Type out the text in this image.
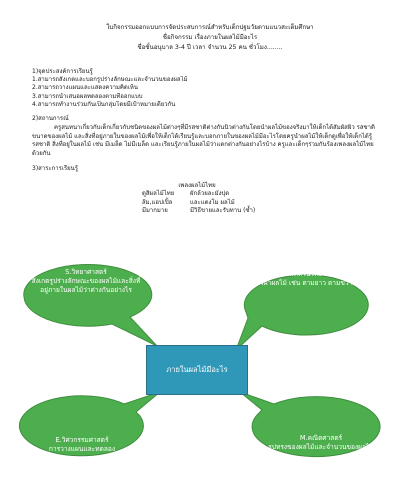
ใบกิจกรรมออกแบบการจัดประสบการณ์สำหรับเด็กปฐมวัยตามแนวสะเต็มศึกษา
ชื่อกิจกรรม เรื่องภายในผลไม้มีอะไร
ชื่อชั้นอนุบาล 3-4 ปี เวลา จำนวน 25 คน ชั่วโมง........
1)จุดประสงค์การเรียนรู้
1.สามารถสังเกตและบอกรูปร่างลักษณะและจำนวนของผลไม้
2.สามารถวางแผนและแสดงความคิดเห็น
3.สามารถนำเสนอผลทดลองตามที่ออกแบบ
4.สามารถทำงานร่วมกันเป็นกลุ่มโดยมีเป้าหมายเดียวกัน
2)สถานการณ์
ครูสนทนาเกี่ยวกับเด็กเกี่ยวกับชนิดของผลไม้ต่างๆที่มีรสชาติต่างกันนิวต่างกันโดยนำผลไม้ของจริงมาให้เด็กได้สัมผัสผิว รสชาติ ขนาดของผลไม้ และสิ่งที่อยู่ภายในของผลไม้เพื่อให้เด็กได้เรียนรู้และบอกภายในของผลไม้มีอะไรโดยครูนำผลไม้ให้เด็กดูเพื่อให้เด็กได้รู้รสชาติ สิ่งที่อยู่ในผลไม้ เช่น มีเมล็ด ไม่มีเมล็ด และเรียนรู้ภายในผลไม้ว่าแตกต่างกันอย่างไรบ้าง ครูและเด็กๆร่วมกันร้องเพลงผลไม้ไทย ด้วยกัน
3)สาระการเรียนรู้
เพลงผลไม้ไทย
ดูสิผลไม้ไทย	ผักล้วยละมังปุด
ส้ม,แอปเปิ้ล	และแตงโม ผลไม้
มีมากมาย	มีวิธีขายและรับทาน (ซ้ำ)
S.วิทยาศาสตร์
สังเกตรูปร่างลักษณะของผลไม้และสิ่งที่อยู่ภายในผลไม้ว่าต่างกันอย่างไร
T.เทคโนโลยี
การผ่าผลไม้ เช่น ตามยาว ตามขวาง
ภายในผลไม้มีอะไร
E.วิศวกรรมศาสตร์
การวางแผนและทดลอง
M.คณิตศาสตร์
รูปทรงของผลไม้และจำนวนของผลไม้
